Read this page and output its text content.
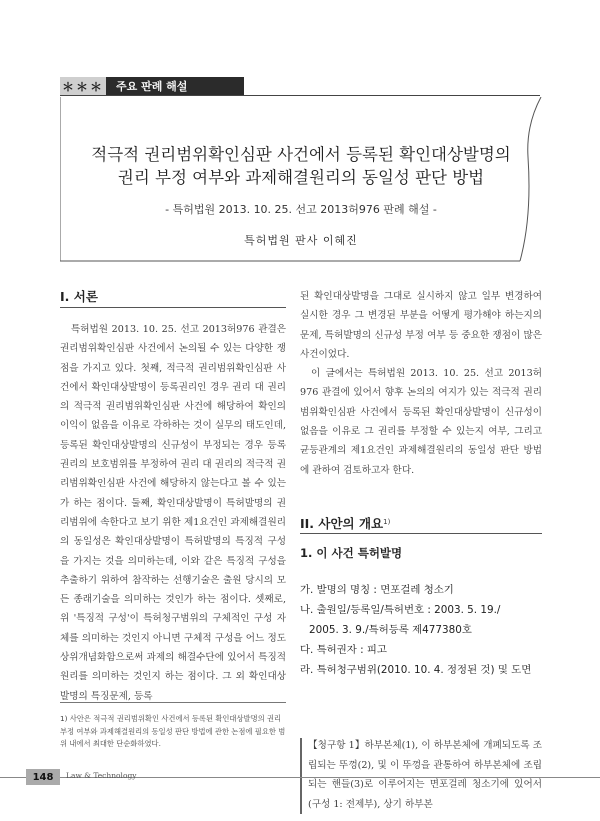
＊＊＊	주요 판례 해설
적극적 권리범위확인심판 사건에서 등록된 확인대상발명의
권리 부정 여부와 과제해결원리의 동일성 판단 방법
- 특허법원 2013. 10. 25. 선고 2013허976 판례 해설 -
특허법원 판사 이혜진
I. 서론

특허법원 2013. 10. 25. 선고 2013허976 관결은 권리범위확인심판 사건에서 논의될 수 있는 다양한 쟁점을 가지고 있다. 첫째, 적극적 권리범위확인심판 사건에서 확인대상발명이 등록권리인 경우 권리 대 권리의 적극적 권리범위확인심판 사건에 해당하여 확인의 이익이 없음을 이유로 각하하는 것이 실무의 태도인데, 등록된 확인대상발명의 신규성이 부정되는 경우 등록권리의 보호범위를 부정하여 권리 대 권리의 적극적 권리범위확인심판 사건에 해당하지 않는다고 볼 수 있는가 하는 점이다. 둘째, 확인대상발명이 특허발명의 권리범위에 속한다고 보기 위한 제1요건인 과제해결원리의 동일성은 확인대상발명이 특허발명의 특징적 구성을 가지는 것을 의미하는데, 이와 같은 특징적 구성을 추출하기 위하여 참작하는 선행기술은 출원 당시의 모든 종래기술을 의미하는 것인가 하는 점이다. 셋째로, 위 '특징적 구성'이 특허청구범위의 구체적인 구성 자체를 의미하는 것인지 아니면 구체적 구성을 어느 정도 상위개념화함으로써 과제의 해결수단에 있어서 특징적 원리를 의미하는 것인지 하는 점이다. 그 외 확인대상발명의 특징문제, 등록

1) 사안은 적극적 권리범위확인 사건에서 등록된 확인대상발명의 권리 부정 여부와 과제해결원리의 동일성 판단 방법에 관한 논점에 필요한 범위 내에서 최대한 단순화하였다.

된 확인대상발명을 그대로 실시하지 않고 일부 변경하여 실시한 경우 그 변경된 부분을 어떻게 평가해야 하는지의 문제, 특허발명의 신규성 부정 여부 등 중요한 쟁점이 많은 사건이었다.

이 글에서는 특허법원 2013. 10. 25. 선고 2013허976 관결에 있어서 향후 논의의 여지가 있는 적극적 권리범위확인심판 사건에서 등록된 확인대상발명이 신규성이 없음을 이유로 그 권리를 부정할 수 있는지 여부, 그리고 균등관계의 제1요건인 과제해결원리의 동일성 판단 방법에 관하여 검토하고자 한다.

II. 사안의 개요$^{1)}$
1. 이 사건 특허발명
가. 발명의 명칭 : 면포걸레 청소기
나. 출원일/등록일/특허번호 : 2003. 5. 19./
2005. 3. 9./특허등록 제477380호
다. 특허권자 : 피고
라. 특허청구범위(2010. 10. 4. 정정된 것) 및 도면
【청구항 1】하부본체(1), 이 하부본체에 개폐되도록 조립되는 뚜껑(2), 및 이 뚜껑을 관통하여 하부본체에 조립되는 핸들(3)로 이루어지는 면포걸레 청소기에 있어서(구성 1: 전제부), 상기 하부본
148	Law & Technology
